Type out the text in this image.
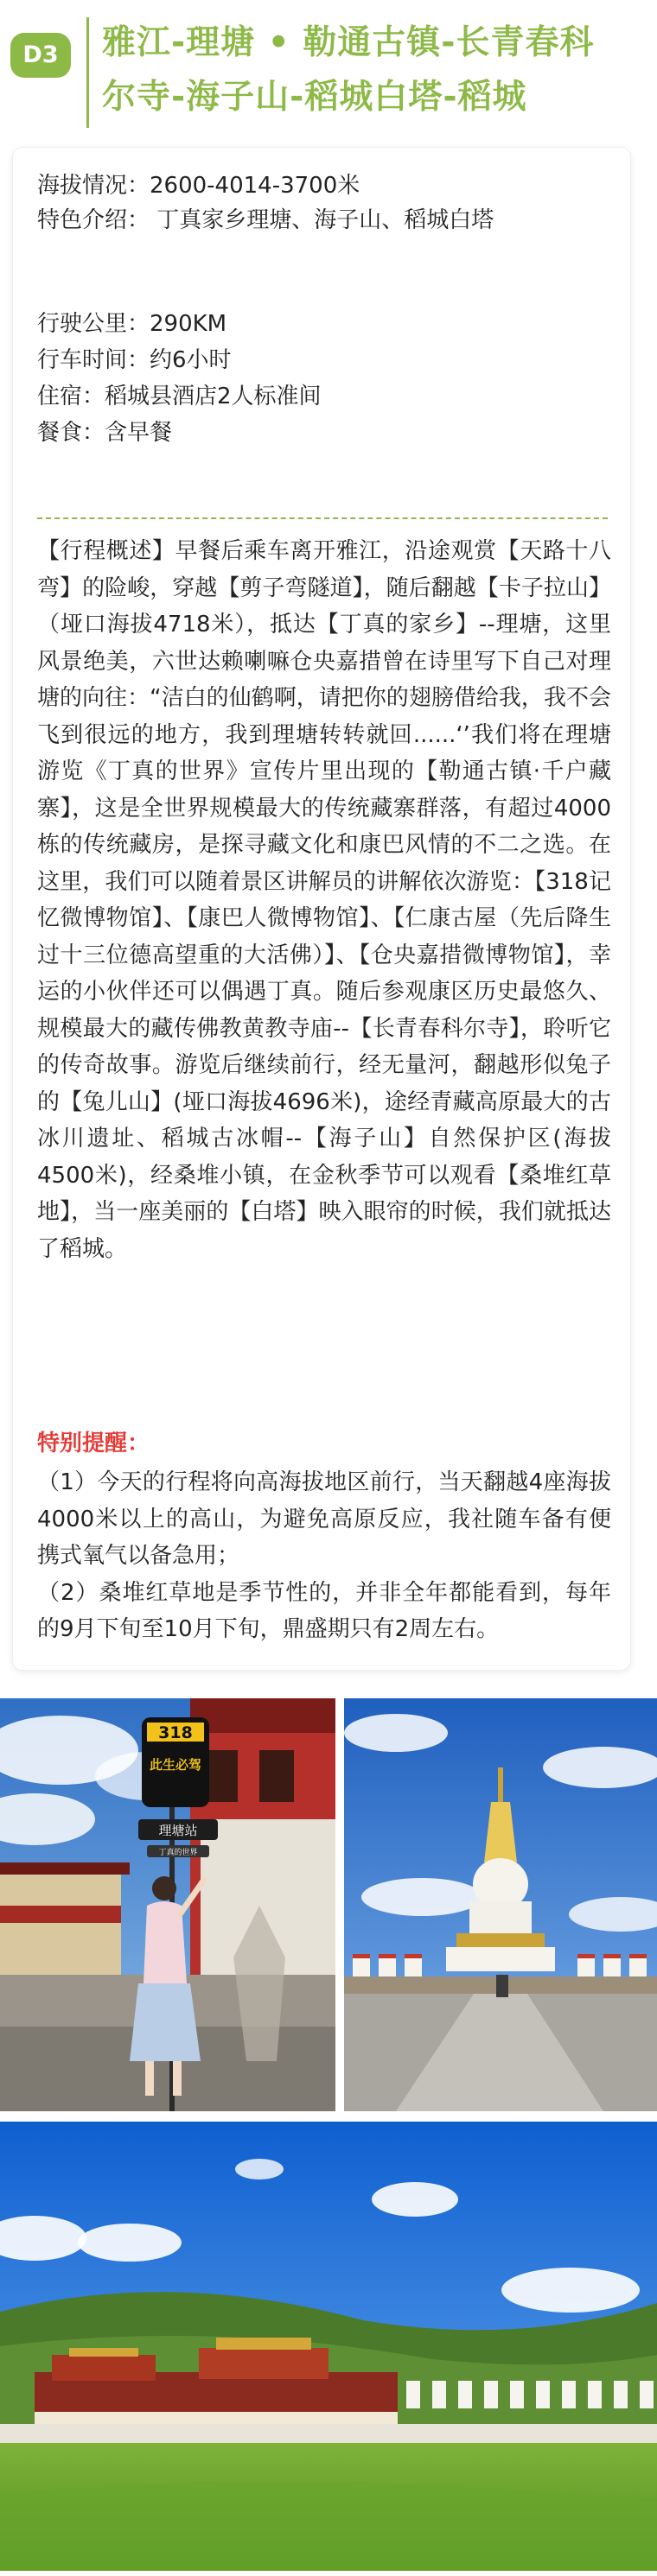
D3	雅江-理塘 • 勒通古镇-长青春科
尔寺-海子山-稻城白塔-稻城
海拔情况：2600-4014-3700米
特色介绍： 丁真家乡理塘、海子山、稻城白塔
行驶公里：290KM
行车时间：约6小时
住宿：稻城县酒店2人标准间
餐食：含早餐
【行程概述】早餐后乘车离开雅江，沿途观赏【天路十八弯】的险峻，穿越【剪子弯隧道】，随后翻越【卡子拉山】（垭口海拔4718米），抵达【丁真的家乡】--理塘，这里风景绝美，六世达赖喇嘛仓央嘉措曾在诗里写下自己对理塘的向往：“洁白的仙鹤啊，请把你的翅膀借给我，我不会飞到很远的地方，我到理塘转转就回......‘’我们将在理塘游览《丁真的世界》宣传片里出现的【勒通古镇·千户藏寨】，这是全世界规模最大的传统藏寨群落，有超过4000栋的传统藏房，是探寻藏文化和康巴风情的不二之选。在这里，我们可以随着景区讲解员的讲解依次游览：【318记忆微博物馆】、【康巴人微博物馆】、【仁康古屋（先后降生过十三位德高望重的大活佛）】、【仓央嘉措微博物馆】，幸运的小伙伴还可以偶遇丁真。随后参观康区历史最悠久、规模最大的藏传佛教黄教寺庙--【长青春科尔寺】，聆听它的传奇故事。游览后继续前行，经无量河，翻越形似兔子的【兔儿山】(垭口海拔4696米)，途经青藏高原最大的古冰川遗址、稻城古冰帽--【海子山】自然保护区(海拔4500米)，经桑堆小镇，在金秋季节可以观看【桑堆红草地】，当一座美丽的【白塔】映入眼帘的时候，我们就抵达了稻城。
特别提醒：
（1）今天的行程将向高海拔地区前行，当天翻越4座海拔4000米以上的高山，为避免高原反应，我社随车备有便携式氧气以备急用；
（2）桑堆红草地是季节性的，并非全年都能看到，每年的9月下旬至10月下旬，鼎盛期只有2周左右。
318
此生必驾
理塘站
丁真的世界
